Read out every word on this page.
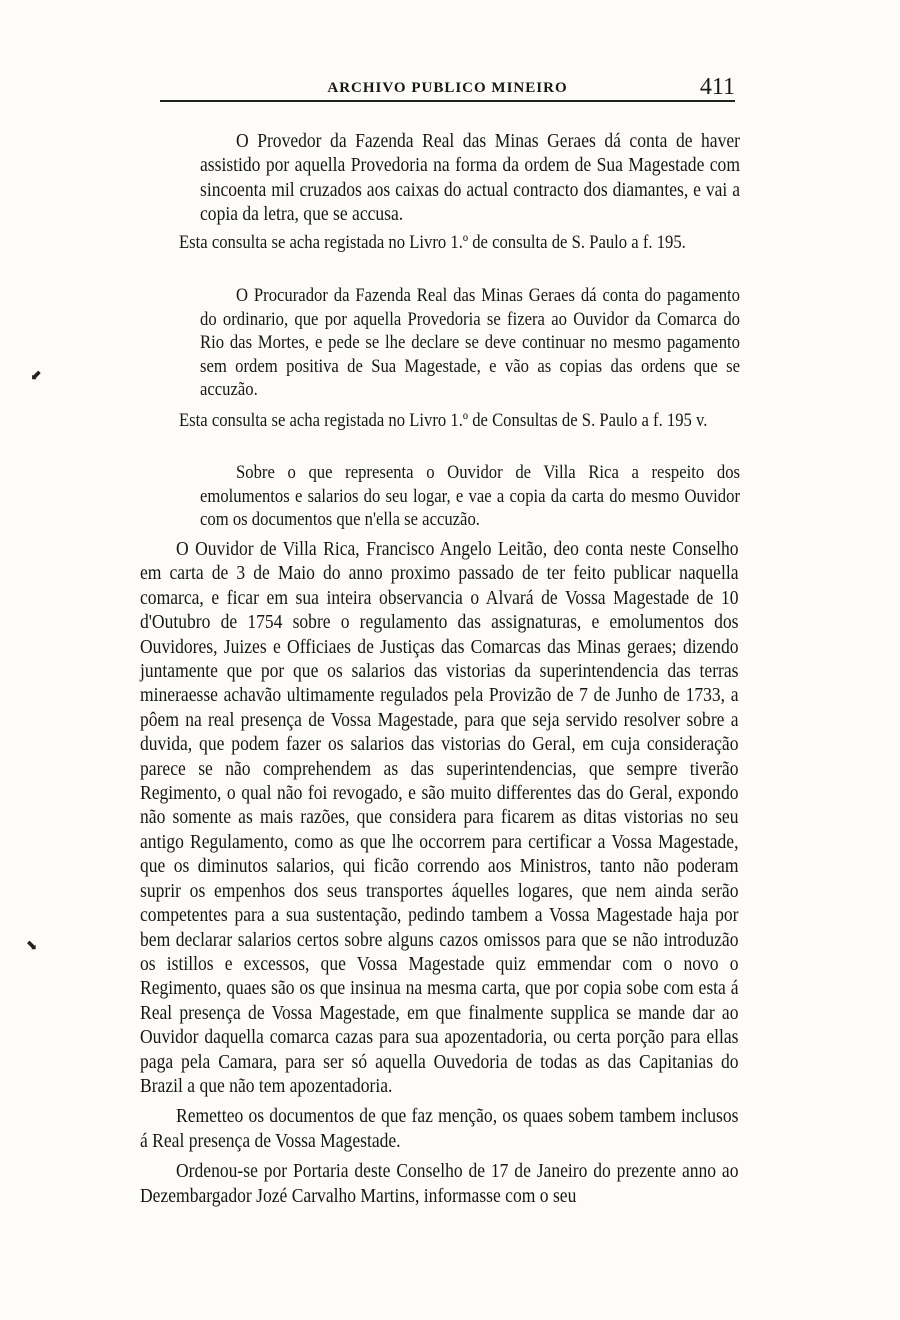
ARCHIVO PUBLICO MINEIRO	411

O Provedor da Fazenda Real das Minas Geraes dá conta de haver assistido por aquella Provedoria na forma da ordem de Sua Magestade com sincoenta mil cruzados aos caixas do actual contracto dos diamantes, e vai a copia da letra, que se accusa.

Esta consulta se acha registada no Livro 1.º de consulta de S. Paulo a f. 195.

O Procurador da Fazenda Real das Minas Geraes dá conta do pagamento do ordinario, que por aquella Provedoria se fizera ao Ouvidor da Comarca do Rio das Mortes, e pede se lhe declare se deve continuar no mesmo pagamento sem ordem positiva de Sua Magestade, e vão as copias das ordens que se accuzão.

Esta consulta se acha registada no Livro 1.º de Consultas de S. Paulo a f. 195 v.

Sobre o que representa o Ouvidor de Villa Rica a respeito dos emolumentos e salarios do seu logar, e vae a copia da carta do mesmo Ouvidor com os documentos que n'ella se accuzão.

O Ouvidor de Villa Rica, Francisco Angelo Leitão, deo conta neste Conselho em carta de 3 de Maio do anno proximo passado de ter feito publicar naquella comarca, e ficar em sua inteira observancia o Alvará de Vossa Magestade de 10 d'Outubro de 1754 sobre o regulamento das assignaturas, e emolumentos dos Ouvidores, Juizes e Officiaes de Justiças das Comarcas das Minas geraes; dizendo juntamente que por que os salarios das vistorias da superintendencia das terras mineraesse achavão ultimamente regulados pela Provizão de 7 de Junho de 1733, a pôem na real presença de Vossa Magestade, para que seja servido resolver sobre a duvida, que podem fazer os salarios das vistorias do Geral, em cuja consideração parece se não comprehendem as das superintendencias, que sempre tiverão Regimento, o qual não foi revogado, e são muito differentes das do Geral, expondo não somente as mais razões, que considera para ficarem as ditas vistorias no seu antigo Regulamento, como as que lhe occorrem para certificar a Vossa Magestade, que os diminutos salarios, qui ficão correndo aos Ministros, tanto não poderam suprir os empenhos dos seus transportes áquelles logares, que nem ainda serão competentes para a sua sustentação, pedindo tambem a Vossa Magestade haja por bem declarar salarios certos sobre alguns cazos omissos para que se não introduzão os istillos e excessos, que Vossa Magestade quiz emmendar com o novo o Regimento, quaes são os que insinua na mesma carta, que por copia sobe com esta á Real presença de Vossa Magestade, em que finalmente supplica se mande dar ao Ouvidor daquella comarca cazas para sua apozentadoria, ou certa porção para ellas paga pela Camara, para ser só aquella Ouvedoria de todas as das Capitanias do Brazil a que não tem apozentadoria.

Remetteo os documentos de que faz menção, os quaes sobem tambem inclusos á Real presença de Vossa Magestade.

Ordenou-se por Portaria deste Conselho de 17 de Janeiro do prezente anno ao Dezembargador Jozé Carvalho Martins, informasse com o seu

⬋
⬊
